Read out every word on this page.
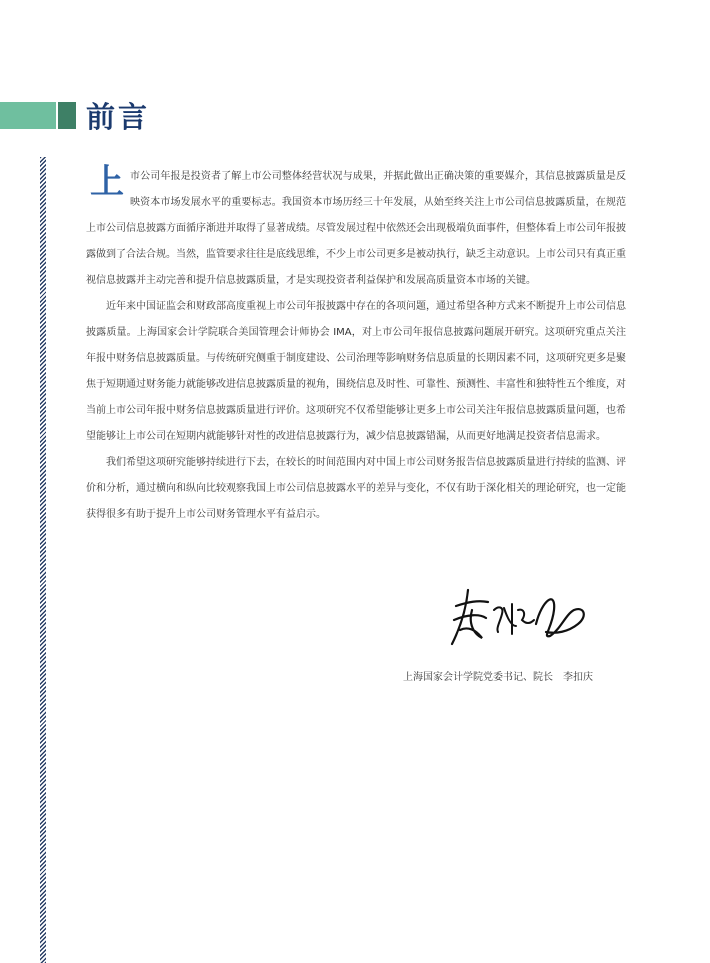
前言

上市公司年报是投资者了解上市公司整体经营状况与成果，并据此做出正确决策的重要媒介，其信息披露质量是反映资本市场发展水平的重要标志。我国资本市场历经三十年发展，从始至终关注上市公司信息披露质量，在规范上市公司信息披露方面循序渐进并取得了显著成绩。尽管发展过程中依然还会出现极端负面事件，但整体看上市公司年报披露做到了合法合规。当然，监管要求往往是底线思维，不少上市公司更多是被动执行，缺乏主动意识。上市公司只有真正重视信息披露并主动完善和提升信息披露质量，才是实现投资者利益保护和发展高质量资本市场的关键。

近年来中国证监会和财政部高度重视上市公司年报披露中存在的各项问题，通过希望各种方式来不断提升上市公司信息披露质量。上海国家会计学院联合美国管理会计师协会 IMA，对上市公司年报信息披露问题展开研究。这项研究重点关注年报中财务信息披露质量。与传统研究侧重于制度建设、公司治理等影响财务信息质量的长期因素不同，这项研究更多是聚焦于短期通过财务能力就能够改进信息披露质量的视角，围绕信息及时性、可靠性、预测性、丰富性和独特性五个维度，对当前上市公司年报中财务信息披露质量进行评价。这项研究不仅希望能够让更多上市公司关注年报信息披露质量问题，也希望能够让上市公司在短期内就能够针对性的改进信息披露行为，减少信息披露错漏，从而更好地满足投资者信息需求。

我们希望这项研究能够持续进行下去，在较长的时间范围内对中国上市公司财务报告信息披露质量进行持续的监测、评价和分析，通过横向和纵向比较观察我国上市公司信息披露水平的差异与变化，不仅有助于深化相关的理论研究，也一定能获得很多有助于提升上市公司财务管理水平有益启示。

上海国家会计学院党委书记、院长　李扣庆
